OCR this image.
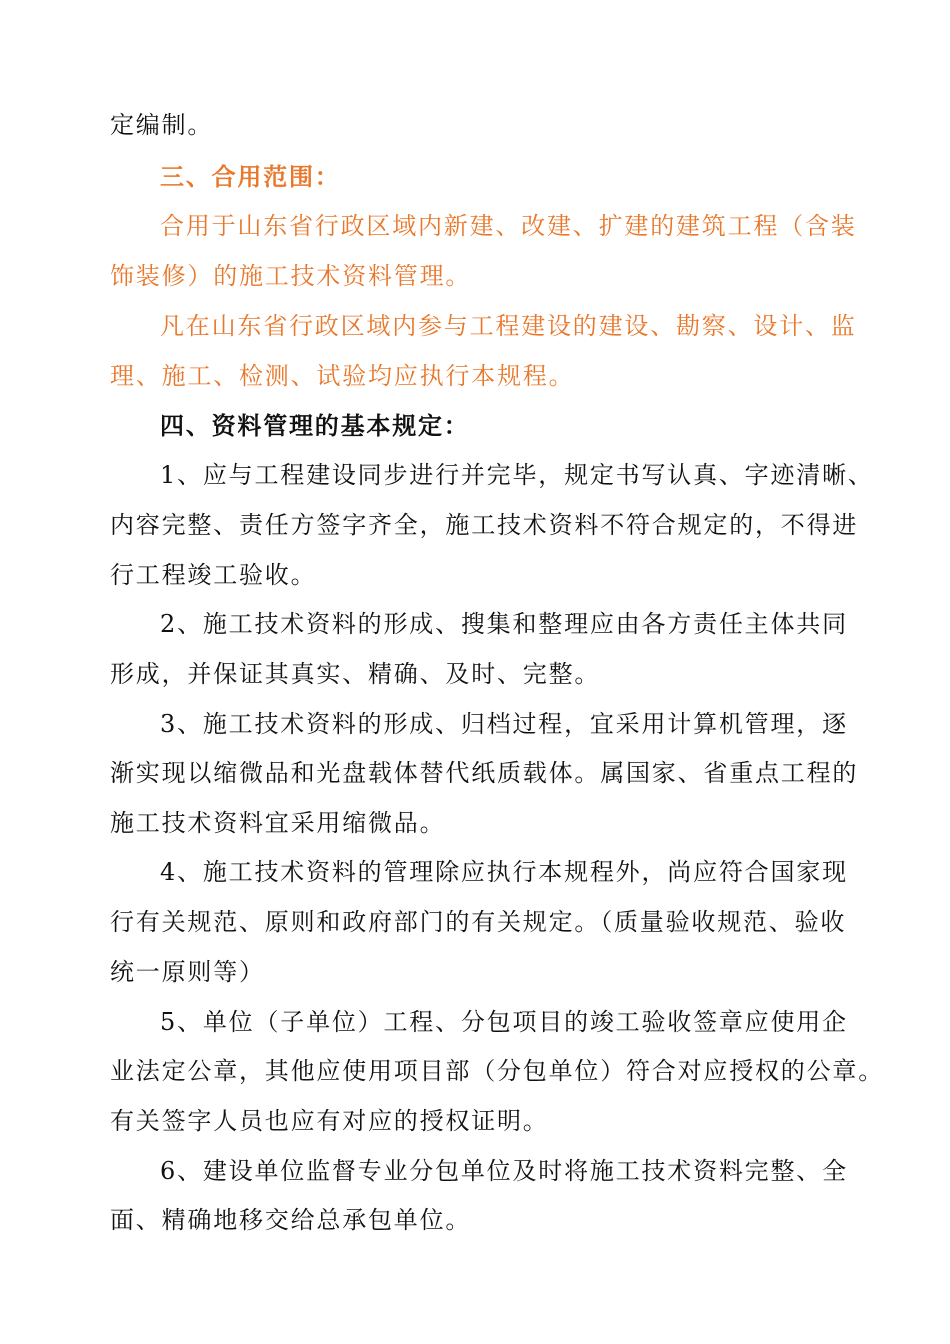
定编制。
三、合用范围：
合用于山东省行政区域内新建、改建、扩建的建筑工程（含装
饰装修）的施工技术资料管理。
凡在山东省行政区域内参与工程建设的建设、勘察、设计、监
理、施工、检测、试验均应执行本规程。
四、资料管理的基本规定：
1、应与工程建设同步进行并完毕，规定书写认真、字迹清晰、
内容完整、责任方签字齐全，施工技术资料不符合规定的，不得进
行工程竣工验收。
2、施工技术资料的形成、搜集和整理应由各方责任主体共同
形成，并保证其真实、精确、及时、完整。
3、施工技术资料的形成、归档过程，宜采用计算机管理，逐
渐实现以缩微品和光盘载体替代纸质载体。属国家、省重点工程的
施工技术资料宜采用缩微品。
4、施工技术资料的管理除应执行本规程外，尚应符合国家现
行有关规范、原则和政府部门的有关规定。（质量验收规范、验收
统一原则等）
5、单位（子单位）工程、分包项目的竣工验收签章应使用企
业法定公章，其他应使用项目部（分包单位）符合对应授权的公章。
有关签字人员也应有对应的授权证明。
6、建设单位监督专业分包单位及时将施工技术资料完整、全
面、精确地移交给总承包单位。
